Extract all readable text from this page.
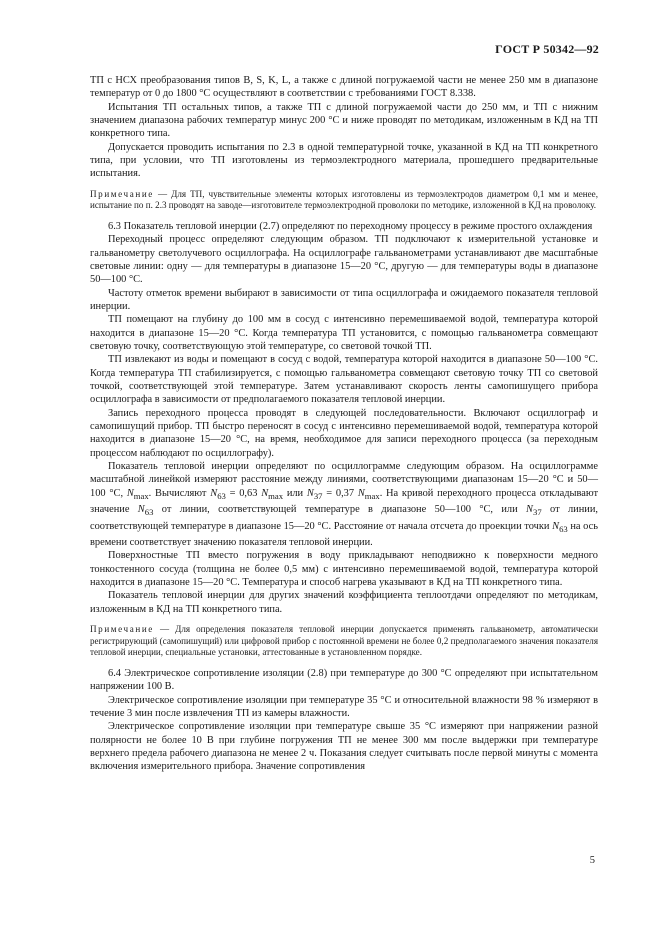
ГОСТ Р 50342—92

ТП с НСХ преобразования типов В, S, K, L, а также с длиной погружаемой части не менее 250 мм в диапазоне температур от 0 до 1800 °С осуществляют в соответствии с требованиями ГОСТ 8.338.

Испытания ТП остальных типов, а также ТП с длиной погружаемой части до 250 мм, и ТП с нижним значением диапазона рабочих температур минус 200 °С и ниже проводят по методикам, изложенным в КД на ТП конкретного типа.

Допускается проводить испытания по 2.3 в одной температурной точке, указанной в КД на ТП конкретного типа, при условии, что ТП изготовлены из термоэлектродного материала, прошедшего предварительные испытания.

Примечание — Для ТП, чувствительные элементы которых изготовлены из термоэлектродов диаметром 0,1 мм и менее, испытание по п. 2.3 проводят на заводе—изготовителе термоэлектродной проволоки по методике, изложенной в КД на проволоку.

6.3 Показатель тепловой инерции (2.7) определяют по переходному процессу в режиме простого охлаждения

Переходный процесс определяют следующим образом. ТП подключают к измерительной установке и гальванометру светолучевого осциллографа. На осциллографе гальванометрами устанавливают две масштабные световые линии: одну — для температуры в диапазоне 15—20 °С, другую — для температуры воды в диапазоне 50—100 °С.

Частоту отметок времени выбирают в зависимости от типа осциллографа и ожидаемого показателя тепловой инерции.

ТП помещают на глубину до 100 мм в сосуд с интенсивно перемешиваемой водой, температура которой находится в диапазоне 15—20 °С. Когда температура ТП установится, с помощью гальванометра совмещают световую точку, соответствующую этой температуре, со световой точкой ТП.

ТП извлекают из воды и помещают в сосуд с водой, температура которой находится в диапазоне 50—100 °С. Когда температура ТП стабилизируется, с помощью гальванометра совмещают световую точку ТП со световой точкой, соответствующей этой температуре. Затем устанавливают скорость ленты самопишущего прибора осциллографа в зависимости от предполагаемого показателя тепловой инерции.

Запись переходного процесса проводят в следующей последовательности. Включают осциллограф и самопишущий прибор. ТП быстро переносят в сосуд с интенсивно перемешиваемой водой, температура которой находится в диапазоне 15—20 °С, на время, необходимое для записи переходного процесса (за переходным процессом наблюдают по осциллографу).

Показатель тепловой инерции определяют по осциллограмме следующим образом. На осциллограмме масштабной линейкой измеряют расстояние между линиями, соответствующими диапазонам 15—20 °С и 50—100 °С, $N_{max}$. Вычисляют $N_{63} = 0,63$ $N_{max}$ или $N_{37} = 0,37$ $N_{max}$. На кривой переходного процесса откладывают значение $N_{63}$ от линии, соответствующей температуре в диапазоне 50—100 °С, или $N_{37}$ от линии, соответствующей температуре в диапазоне 15—20 °С. Расстояние от начала отсчета до проекции точки $N_{63}$ на ось времени соответствует значению показателя тепловой инерции.

Поверхностные ТП вместо погружения в воду прикладывают неподвижно к поверхности медного тонкостенного сосуда (толщина не более 0,5 мм) с интенсивно перемешиваемой водой, температура которой находится в диапазоне 15—20 °С. Температура и способ нагрева указывают в КД на ТП конкретного типа.

Показатель тепловой инерции для других значений коэффициента теплоотдачи определяют по методикам, изложенным в КД на ТП конкретного типа.

Примечание — Для определения показателя тепловой инерции допускается применять гальванометр, автоматически регистрирующий (самопишущий) или цифровой прибор с постоянной времени не более 0,2 предполагаемого значения показателя тепловой инерции, специальные установки, аттестованные в установленном порядке.

6.4 Электрическое сопротивление изоляции (2.8) при температуре до 300 °С определяют при испытательном напряжении 100 В.

Электрическое сопротивление изоляции при температуре 35 °С и относительной влажности 98 % измеряют в течение 3 мин после извлечения ТП из камеры влажности.

Электрическое сопротивление изоляции при температуре свыше 35 °С измеряют при напряжении разной полярности не более 10 В при глубине погружения ТП не менее 300 мм после выдержки при температуре верхнего предела рабочего диапазона не менее 2 ч. Показания следует считывать после первой минуты с момента включения измерительного прибора. Значение сопротивления

5
